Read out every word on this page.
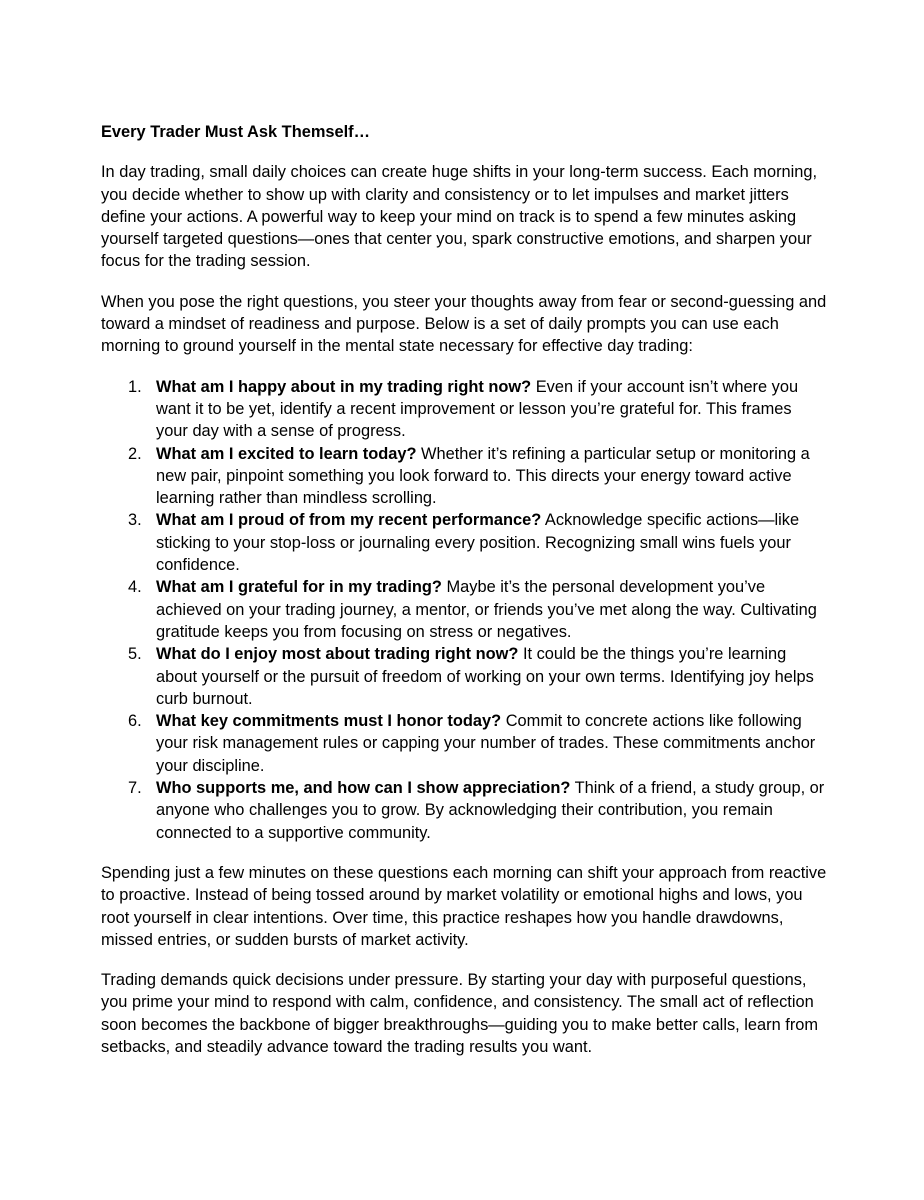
Every Trader Must Ask Themself…

In day trading, small daily choices can create huge shifts in your long-term success. Each morning, you decide whether to show up with clarity and consistency or to let impulses and market jitters define your actions. A powerful way to keep your mind on track is to spend a few minutes asking yourself targeted questions—ones that center you, spark constructive emotions, and sharpen your focus for the trading session.

When you pose the right questions, you steer your thoughts away from fear or second-guessing and toward a mindset of readiness and purpose. Below is a set of daily prompts you can use each morning to ground yourself in the mental state necessary for effective day trading:

1. What am I happy about in my trading right now? Even if your account isn’t where you want it to be yet, identify a recent improvement or lesson you’re grateful for. This frames your day with a sense of progress.
2. What am I excited to learn today? Whether it’s refining a particular setup or monitoring a new pair, pinpoint something you look forward to. This directs your energy toward active learning rather than mindless scrolling.
3. What am I proud of from my recent performance? Acknowledge specific actions—like sticking to your stop-loss or journaling every position. Recognizing small wins fuels your confidence.
4. What am I grateful for in my trading? Maybe it’s the personal development you’ve achieved on your trading journey, a mentor, or friends you’ve met along the way. Cultivating gratitude keeps you from focusing on stress or negatives.
5. What do I enjoy most about trading right now? It could be the things you’re learning about yourself or the pursuit of freedom of working on your own terms. Identifying joy helps curb burnout.
6. What key commitments must I honor today? Commit to concrete actions like following your risk management rules or capping your number of trades. These commitments anchor your discipline.
7. Who supports me, and how can I show appreciation? Think of a friend, a study group, or anyone who challenges you to grow. By acknowledging their contribution, you remain connected to a supportive community.

Spending just a few minutes on these questions each morning can shift your approach from reactive to proactive. Instead of being tossed around by market volatility or emotional highs and lows, you root yourself in clear intentions. Over time, this practice reshapes how you handle drawdowns, missed entries, or sudden bursts of market activity.

Trading demands quick decisions under pressure. By starting your day with purposeful questions, you prime your mind to respond with calm, confidence, and consistency. The small act of reflection soon becomes the backbone of bigger breakthroughs—guiding you to make better calls, learn from setbacks, and steadily advance toward the trading results you want.
